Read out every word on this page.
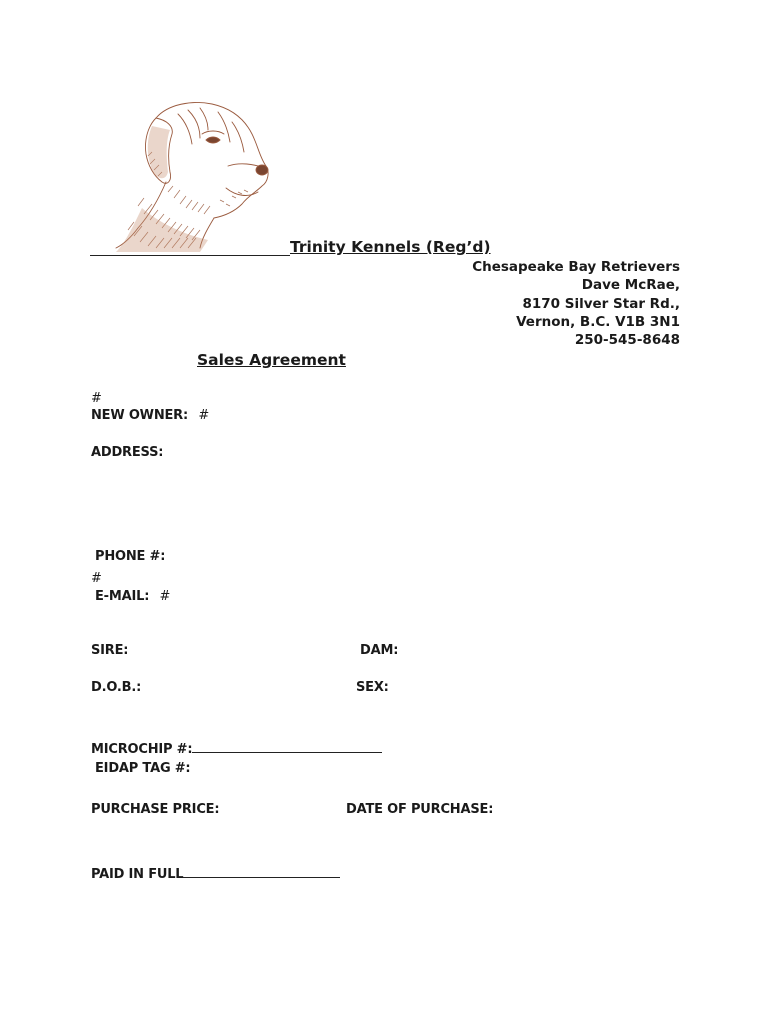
Trinity Kennels (Reg’d)
Chesapeake Bay Retrievers
Dave McRae,
8170 Silver Star Rd.,
Vernon, B.C. V1B 3N1
250-545-8648
Sales Agreement
#
NEW OWNER: #
ADDRESS:
PHONE #:
#
E-MAIL: #
SIRE:	DAM:
D.O.B.:	SEX:
MICROCHIP #:
EIDAP TAG #:
PURCHASE PRICE:	DATE OF PURCHASE:
PAID IN FULL
